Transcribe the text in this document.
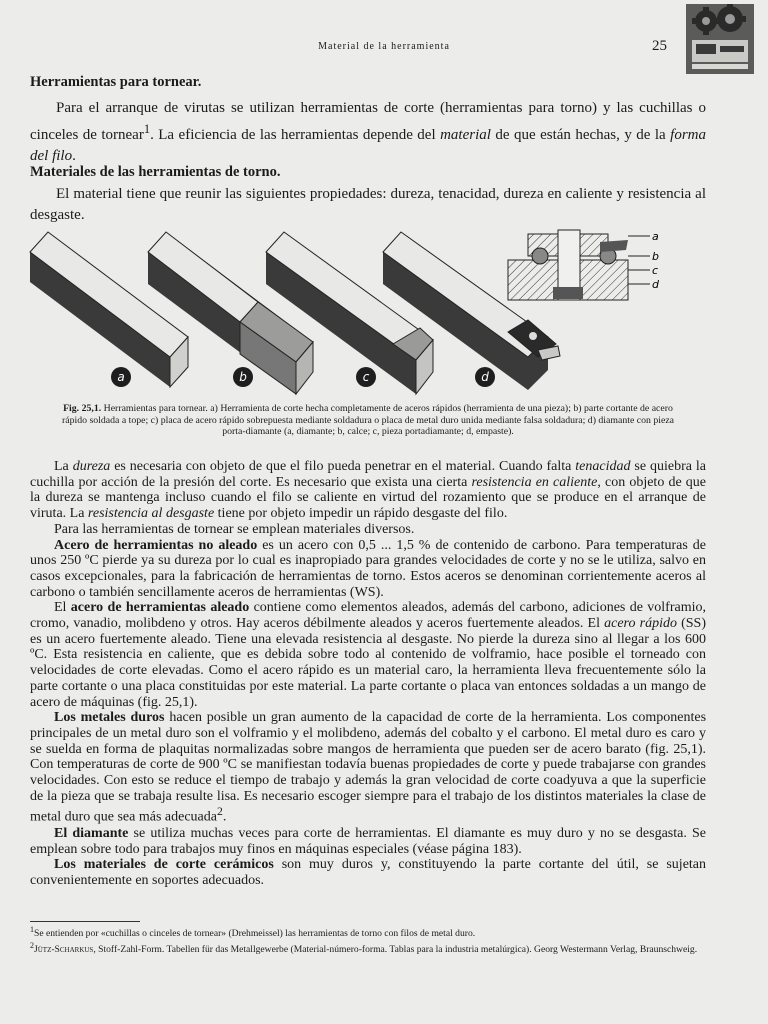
Material de la herramienta	25
Herramientas para tornear.

Para el arranque de virutas se utilizan herramientas de corte (herramientas para torno) y las cuchillas o cinceles de tornear$^1$. La eficiencia de las herramientas depende del material de que están hechas, y de la forma del filo.

Materiales de las herramientas de torno.

El material tiene que reunir las siguientes propiedades: dureza, tenacidad, dureza en caliente y resistencia al desgaste.

a
b
c
d
a	b	c	d
Fig. 25,1. Herramientas para tornear. a) Herramienta de corte hecha completamente de aceros rápidos (herramienta de una pieza); b) parte cortante de acero rápido soldada a tope; c) placa de acero rápido sobrepuesta mediante soldadura o placa de metal duro unida mediante falsa soldadura; d) diamante con pieza porta-diamante (a, diamante; b, calce; c, pieza portadiamante; d, empaste).

La dureza es necesaria con objeto de que el filo pueda penetrar en el material. Cuando falta tenacidad se quiebra la cuchilla por acción de la presión del corte. Es necesario que exista una cierta resistencia en caliente, con objeto de que la dureza se mantenga incluso cuando el filo se caliente en virtud del rozamiento que se produce en el arranque de viruta. La resistencia al desgaste tiene por objeto impedir un rápido desgaste del filo.

Para las herramientas de tornear se emplean materiales diversos.

Acero de herramientas no aleado es un acero con 0,5 ... 1,5 % de contenido de carbono. Para temperaturas de unos 250 ºC pierde ya su dureza por lo cual es inapropiado para grandes velocidades de corte y no se le utiliza, salvo en casos excepcionales, para la fabricación de herramientas de torno. Estos aceros se denominan corrientemente aceros al carbono o también sencillamente aceros de herramientas (WS).

El acero de herramientas aleado contiene como elementos aleados, además del carbono, adiciones de volframio, cromo, vanadio, molibdeno y otros. Hay aceros débilmente aleados y aceros fuertemente aleados. El acero rápido (SS) es un acero fuertemente aleado. Tiene una elevada resistencia al desgaste. No pierde la dureza sino al llegar a los 600 ºC. Esta resistencia en caliente, que es debida sobre todo al contenido de volframio, hace posible el torneado con velocidades de corte elevadas. Como el acero rápido es un material caro, la herramienta lleva frecuentemente sólo la parte cortante o una placa constituidas por este material. La parte cortante o placa van entonces soldadas a un mango de acero de máquinas (fig. 25,1).

Los metales duros hacen posible un gran aumento de la capacidad de corte de la herramienta. Los componentes principales de un metal duro son el volframio y el molibdeno, además del cobalto y el carbono. El metal duro es caro y se suelda en forma de plaquitas normalizadas sobre mangos de herramienta que pueden ser de acero barato (fig. 25,1). Con temperaturas de corte de 900 ºC se manifiestan todavía buenas propiedades de corte y puede trabajarse con grandes velocidades. Con esto se reduce el tiempo de trabajo y además la gran velocidad de corte coadyuva a que la superficie de la pieza que se trabaja resulte lisa. Es necesario escoger siempre para el trabajo de los distintos materiales la clase de metal duro que sea más adecuada$^2$.

El diamante se utiliza muchas veces para corte de herramientas. El diamante es muy duro y no se desgasta. Se emplean sobre todo para trabajos muy finos en máquinas especiales (véase página 183).

Los materiales de corte cerámicos son muy duros y, constituyendo la parte cortante del útil, se sujetan convenientemente en soportes adecuados.

$^1$Se entienden por «cuchillas o cinceles de tornear» (Drehmeissel) las herramientas de torno con filos de metal duro.
$^2$Jütz-Scharkus, Stoff-Zahl-Form. Tabellen für das Metallgewerbe (Material-número-forma. Tablas para la industria metalúrgica). Georg Westermann Verlag, Braunschweig.
